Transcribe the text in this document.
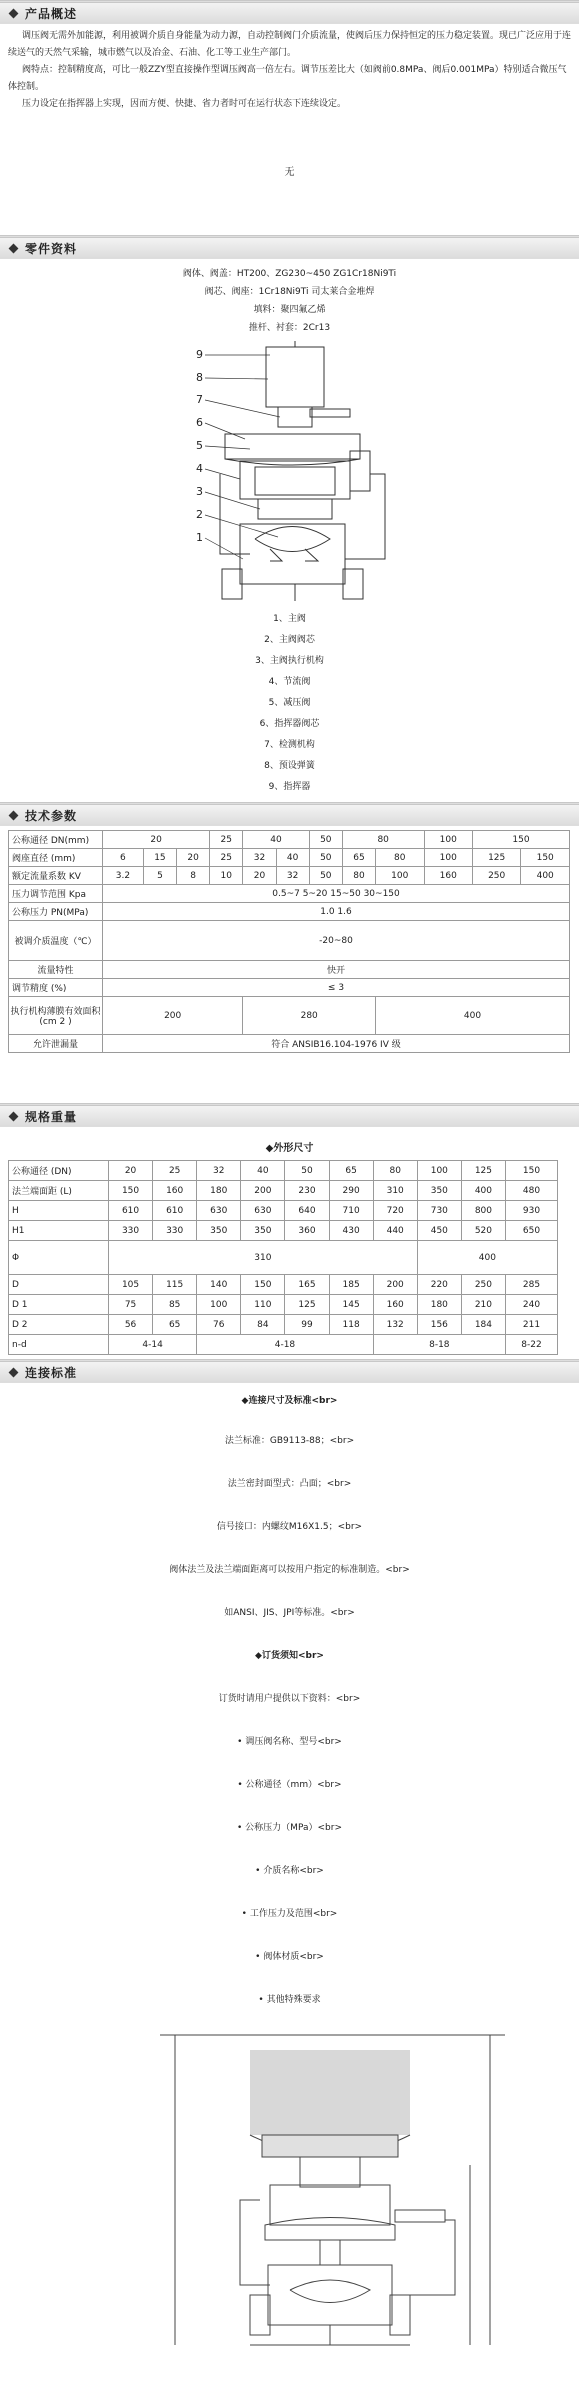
产品概述

调压阀无需外加能源，利用被调介质自身能量为动力源，自动控制阀门介质流量，使阀后压力保持恒定的压力稳定装置。现已广泛应用于连续送气的天然气采输，城市燃气以及冶金、石油、化工等工业生产部门。

阀特点：控制精度高，可比一般ZZY型直接操作型调压阀高一倍左右。调节压差比大（如阀前0.8MPa、阀后0.001MPa）特别适合微压气体控制。

压力设定在指挥器上实现，因而方便、快捷、省力者时可在运行状态下连续设定。

无
零件资料
阀体、阀盖：HT200、ZG230~450 ZG1Cr18Ni9Ti
阀芯、阀座：1Cr18Ni9Ti 司太莱合金堆焊
填料：聚四氟乙烯
推杆、衬套：2Cr13
9
8
7
6
5
4
3
2
1
1、主阀
2、主阀阀芯
3、主阀执行机构
4、节流阀
5、减压阀
6、指挥器阀芯
7、检测机构
8、预设弹簧
9、指挥器
技术参数
公称通径 DN(mm)	20			25	40		50	80		100	150	
阀座直径 (mm)	6	15	20	25	32	40	50	65	80	100	125	150
额定流量系数 KV	3.2	5	8	10	20	32	50	80	100	160	250	400
压力调节范围 Kpa	0.5~7 5~20 15~50 30~150											
公称压力 PN(MPa)	1.0 1.6											
被调介质温度（℃）	-20~80											
流量特性	快开											
调节精度 (%)	≤ 3											
执行机构薄膜有效面积 (cm 2 )	200				280				400			
允许泄漏量	符合 ANSIB16.104-1976 IV 级											
规格重量
◆外形尺寸
公称通径 (DN)	20	25	32	40	50	65	80	100	125	150
法兰端面距 (L)	150	160	180	200	230	290	310	350	400	480
H	610	610	630	630	640	710	720	730	800	930
H1	330	330	350	350	360	430	440	450	520	650
Φ	310							400		
D	105	115	140	150	165	185	200	220	250	285
D 1	75	85	100	110	125	145	160	180	210	240
D 2	56	65	76	84	99	118	132	156	184	211
n-d	4-14		4-18				8-18			8-22
连接标准

◆连接尺寸及标准<br>

法兰标准：GB9113-88；<br>

法兰密封面型式：凸面；<br>

信号接口：内螺纹M16X1.5；<br>

阀体法兰及法兰端面距离可以按用户指定的标准制造。<br>

如ANSI、JIS、JPI等标准。<br>

◆订货须知<br>

订货时请用户提供以下资料：<br>

• 调压阀名称、型号<br>

• 公称通径（mm）<br>

• 公称压力（MPa）<br>

• 介质名称<br>

• 工作压力及范围<br>

• 阀体材质<br>

• 其他特殊要求
